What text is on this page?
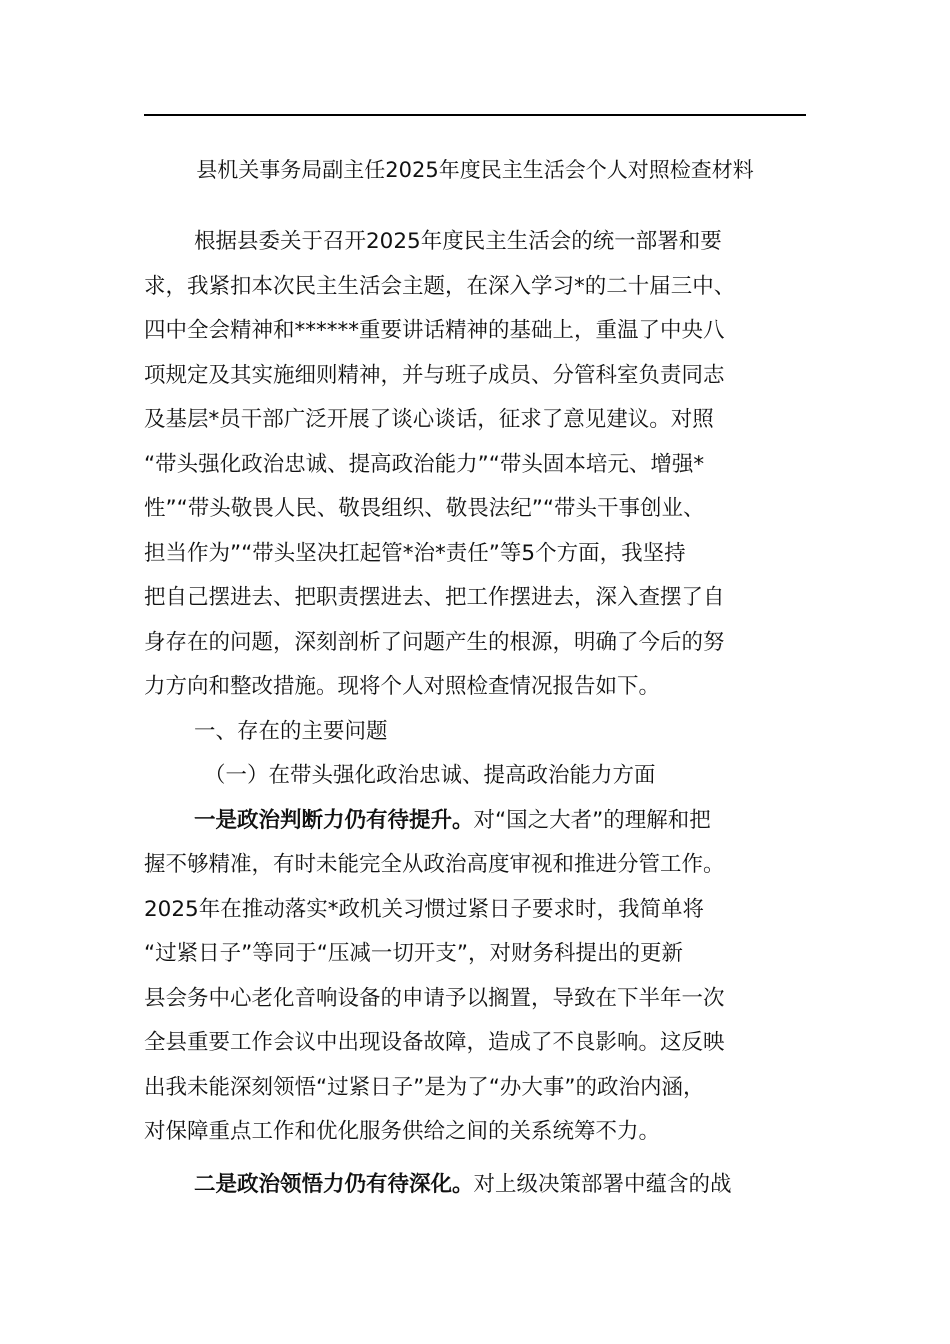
县机关事务局副主任2025年度民主生活会个人对照检查材料
根据县委关于召开2025年度民主生活会的统一部署和要
求，我紧扣本次民主生活会主题，在深入学习*的二十届三中、
四中全会精神和******重要讲话精神的基础上，重温了中央八
项规定及其实施细则精神，并与班子成员、分管科室负责同志
及基层*员干部广泛开展了谈心谈话，征求了意见建议。对照
“带头强化政治忠诚、提高政治能力”“带头固本培元、增强*
性”“带头敬畏人民、敬畏组织、敬畏法纪”“带头干事创业、
担当作为”“带头坚决扛起管*治*责任”等5个方面，我坚持
把自己摆进去、把职责摆进去、把工作摆进去，深入查摆了自
身存在的问题，深刻剖析了问题产生的根源，明确了今后的努
力方向和整改措施。现将个人对照检查情况报告如下。
一、存在的主要问题
（一）在带头强化政治忠诚、提高政治能力方面
一是政治判断力仍有待提升。对“国之大者”的理解和把
握不够精准，有时未能完全从政治高度审视和推进分管工作。
2025年在推动落实*政机关习惯过紧日子要求时，我简单将
“过紧日子”等同于“压减一切开支”，对财务科提出的更新
县会务中心老化音响设备的申请予以搁置，导致在下半年一次
全县重要工作会议中出现设备故障，造成了不良影响。这反映
出我未能深刻领悟“过紧日子”是为了“办大事”的政治内涵，
对保障重点工作和优化服务供给之间的关系统筹不力。
二是政治领悟力仍有待深化。对上级决策部署中蕴含的战
